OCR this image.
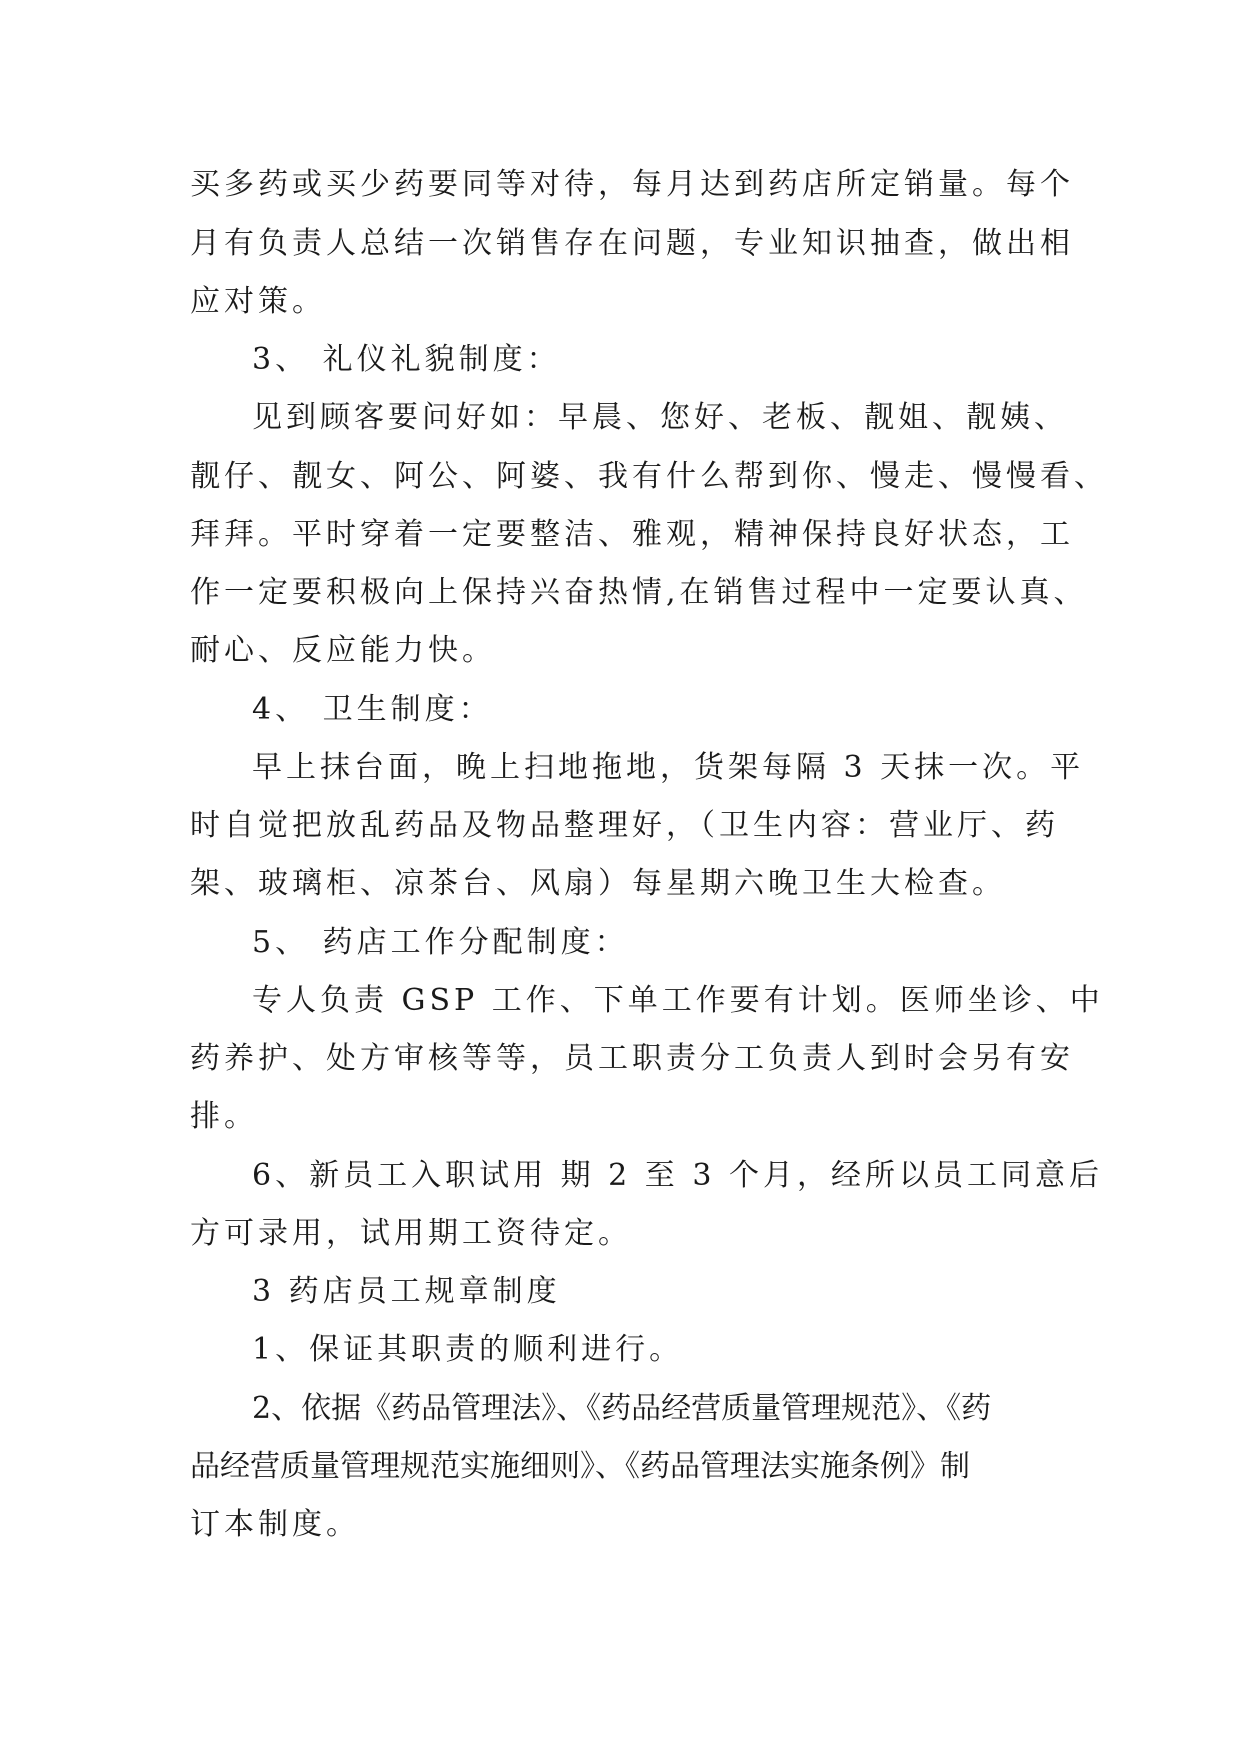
买多药或买少药要同等对待，每月达到药店所定销量。每个
月有负责人总结一次销售存在问题，专业知识抽查，做出相
应对策。
3、 礼仪礼貌制度：
见到顾客要问好如：早晨、您好、老板、靓姐、靓姨、
靓仔、靓女、阿公、阿婆、我有什么帮到你、慢走、慢慢看、
拜拜。平时穿着一定要整洁、雅观，精神保持良好状态，工
作一定要积极向上保持兴奋热情,在销售过程中一定要认真、
耐心、反应能力快。
4、 卫生制度：
早上抹台面，晚上扫地拖地，货架每隔 3 天抹一次。平
时自觉把放乱药品及物品整理好，（卫生内容：营业厅、药
架、玻璃柜、凉茶台、风扇）每星期六晚卫生大检查。
5、 药店工作分配制度：
专人负责 GSP 工作、下单工作要有计划。医师坐诊、中
药养护、处方审核等等，员工职责分工负责人到时会另有安
排。
6、新员工入职试用 期 2 至 3 个月，经所以员工同意后
方可录用，试用期工资待定。
3 药店员工规章制度
1、保证其职责的顺利进行。
2、依据《药品管理法》、《药品经营质量管理规范》、《药
品经营质量管理规范实施细则》、《药品管理法实施条例》制
订本制度。
